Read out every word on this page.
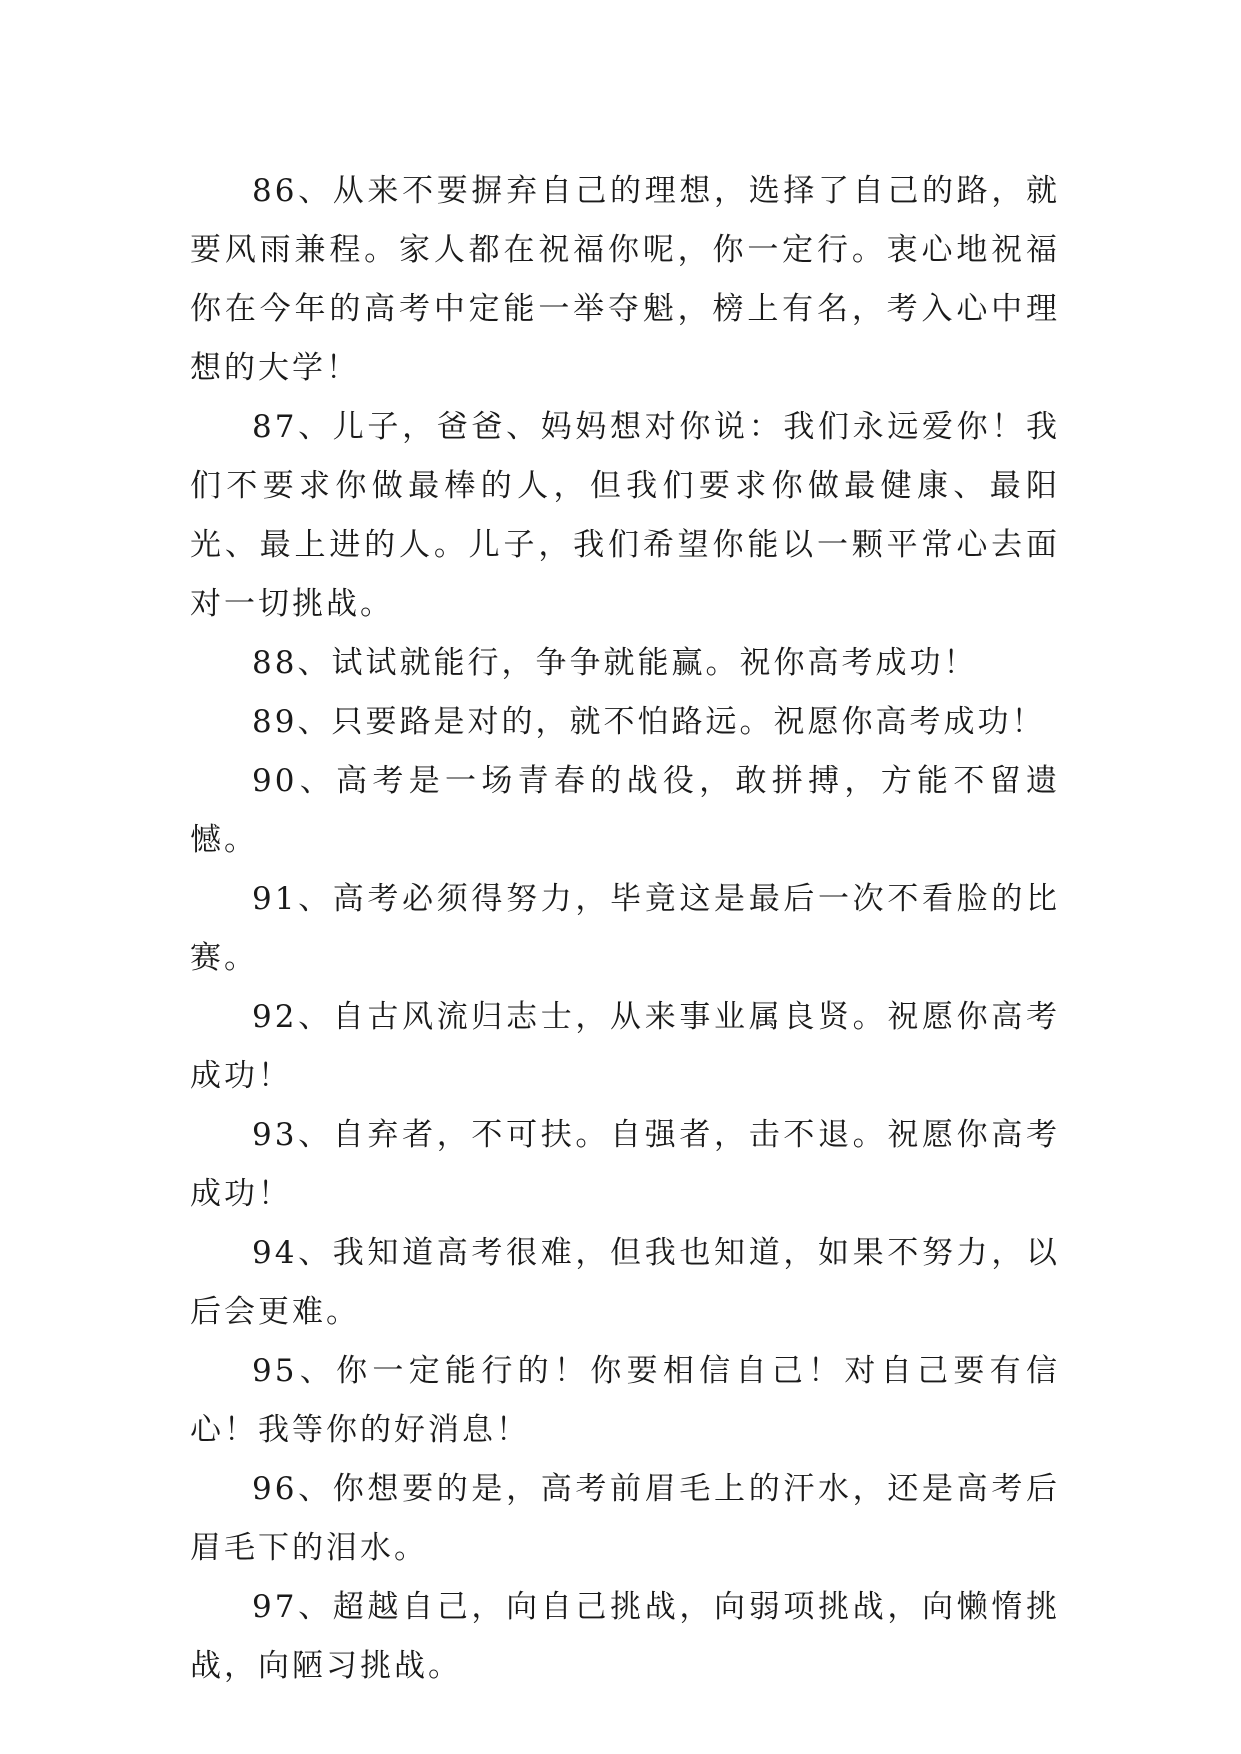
86、从来不要摒弃自己的理想，选择了自己的路，就要风雨兼程。家人都在祝福你呢，你一定行。衷心地祝福你在今年的高考中定能一举夺魁，榜上有名，考入心中理想的大学！

87、儿子，爸爸、妈妈想对你说：我们永远爱你！我们不要求你做最棒的人，但我们要求你做最健康、最阳光、最上进的人。儿子，我们希望你能以一颗平常心去面对一切挑战。

88、试试就能行，争争就能赢。祝你高考成功！

89、只要路是对的，就不怕路远。祝愿你高考成功！

90、高考是一场青春的战役，敢拼搏，方能不留遗憾。

91、高考必须得努力，毕竟这是最后一次不看脸的比赛。

92、自古风流归志士，从来事业属良贤。祝愿你高考成功！

93、自弃者，不可扶。自强者，击不退。祝愿你高考成功！

94、我知道高考很难，但我也知道，如果不努力，以后会更难。

95、你一定能行的！你要相信自己！对自己要有信心！我等你的好消息！

96、你想要的是，高考前眉毛上的汗水，还是高考后眉毛下的泪水。

97、超越自己，向自己挑战，向弱项挑战，向懒惰挑战，向陋习挑战。
